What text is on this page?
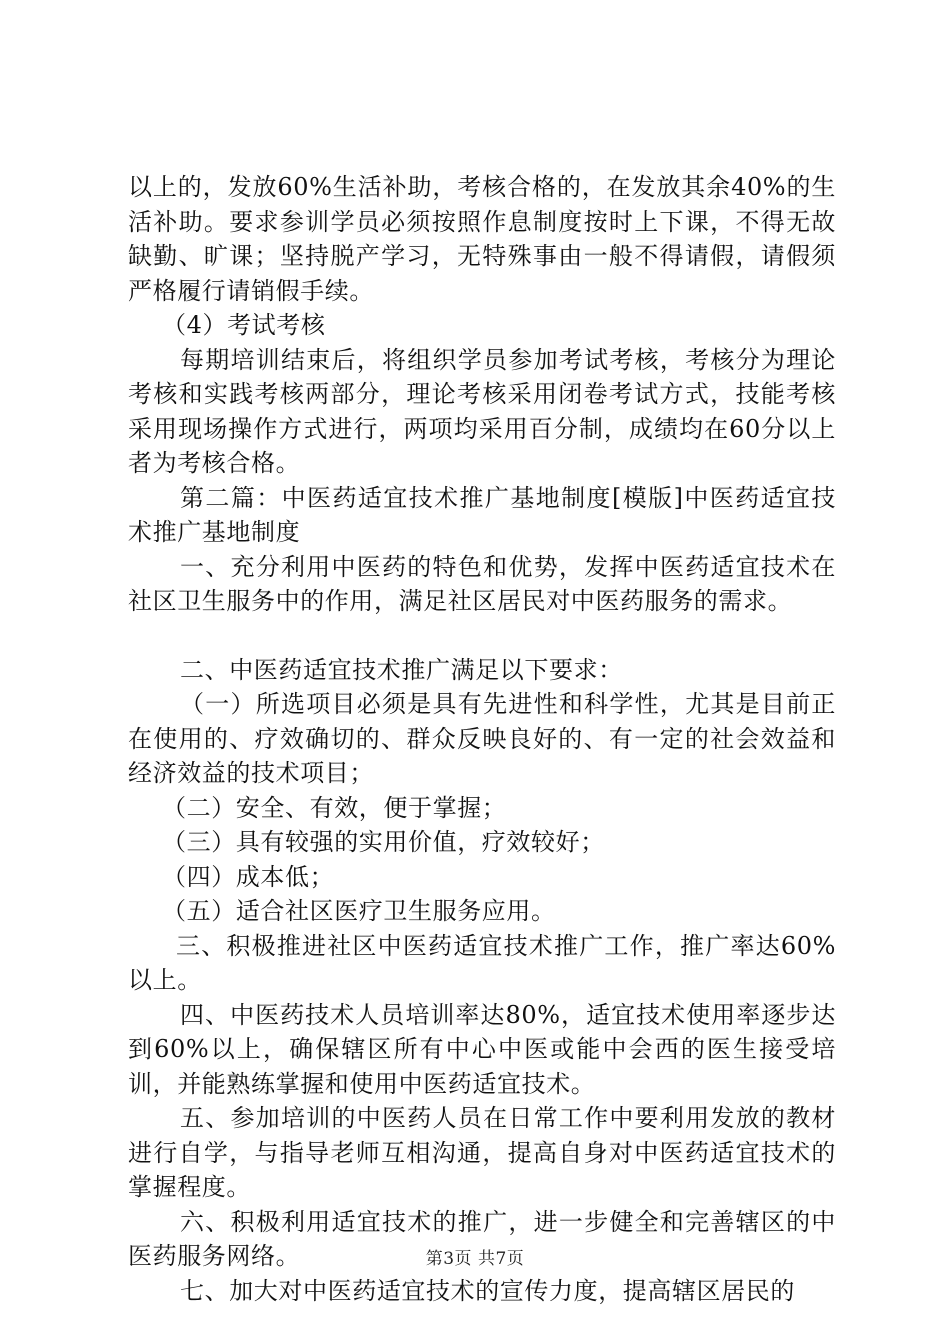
以上的，发放60%生活补助，考核合格的，在发放其余40%的生活补助。要求参训学员必须按照作息制度按时上下课，不得无故缺勤、旷课；坚持脱产学习，无特殊事由一般不得请假，请假须严格履行请销假手续。

（4）考试考核

每期培训结束后，将组织学员参加考试考核，考核分为理论考核和实践考核两部分，理论考核采用闭卷考试方式，技能考核采用现场操作方式进行，两项均采用百分制，成绩均在60分以上者为考核合格。

第二篇：中医药适宜技术推广基地制度[模版]中医药适宜技术推广基地制度

一、充分利用中医药的特色和优势，发挥中医药适宜技术在社区卫生服务中的作用，满足社区居民对中医药服务的需求。

二、中医药适宜技术推广满足以下要求：

（一）所选项目必须是具有先进性和科学性，尤其是目前正在使用的、疗效确切的、群众反映良好的、有一定的社会效益和经济效益的技术项目；

（二）安全、有效，便于掌握；

（三）具有较强的实用价值，疗效较好；

（四）成本低；

（五）适合社区医疗卫生服务应用。

三、积极推进社区中医药适宜技术推广工作，推广率达60%以上。

四、中医药技术人员培训率达80%，适宜技术使用率逐步达到60%以上，确保辖区所有中心中医或能中会西的医生接受培训，并能熟练掌握和使用中医药适宜技术。

五、参加培训的中医药人员在日常工作中要利用发放的教材进行自学，与指导老师互相沟通，提高自身对中医药适宜技术的掌握程度。

六、积极利用适宜技术的推广，进一步健全和完善辖区的中医药服务网络。

七、加大对中医药适宜技术的宣传力度，提高辖区居民的

第3页 共7页
